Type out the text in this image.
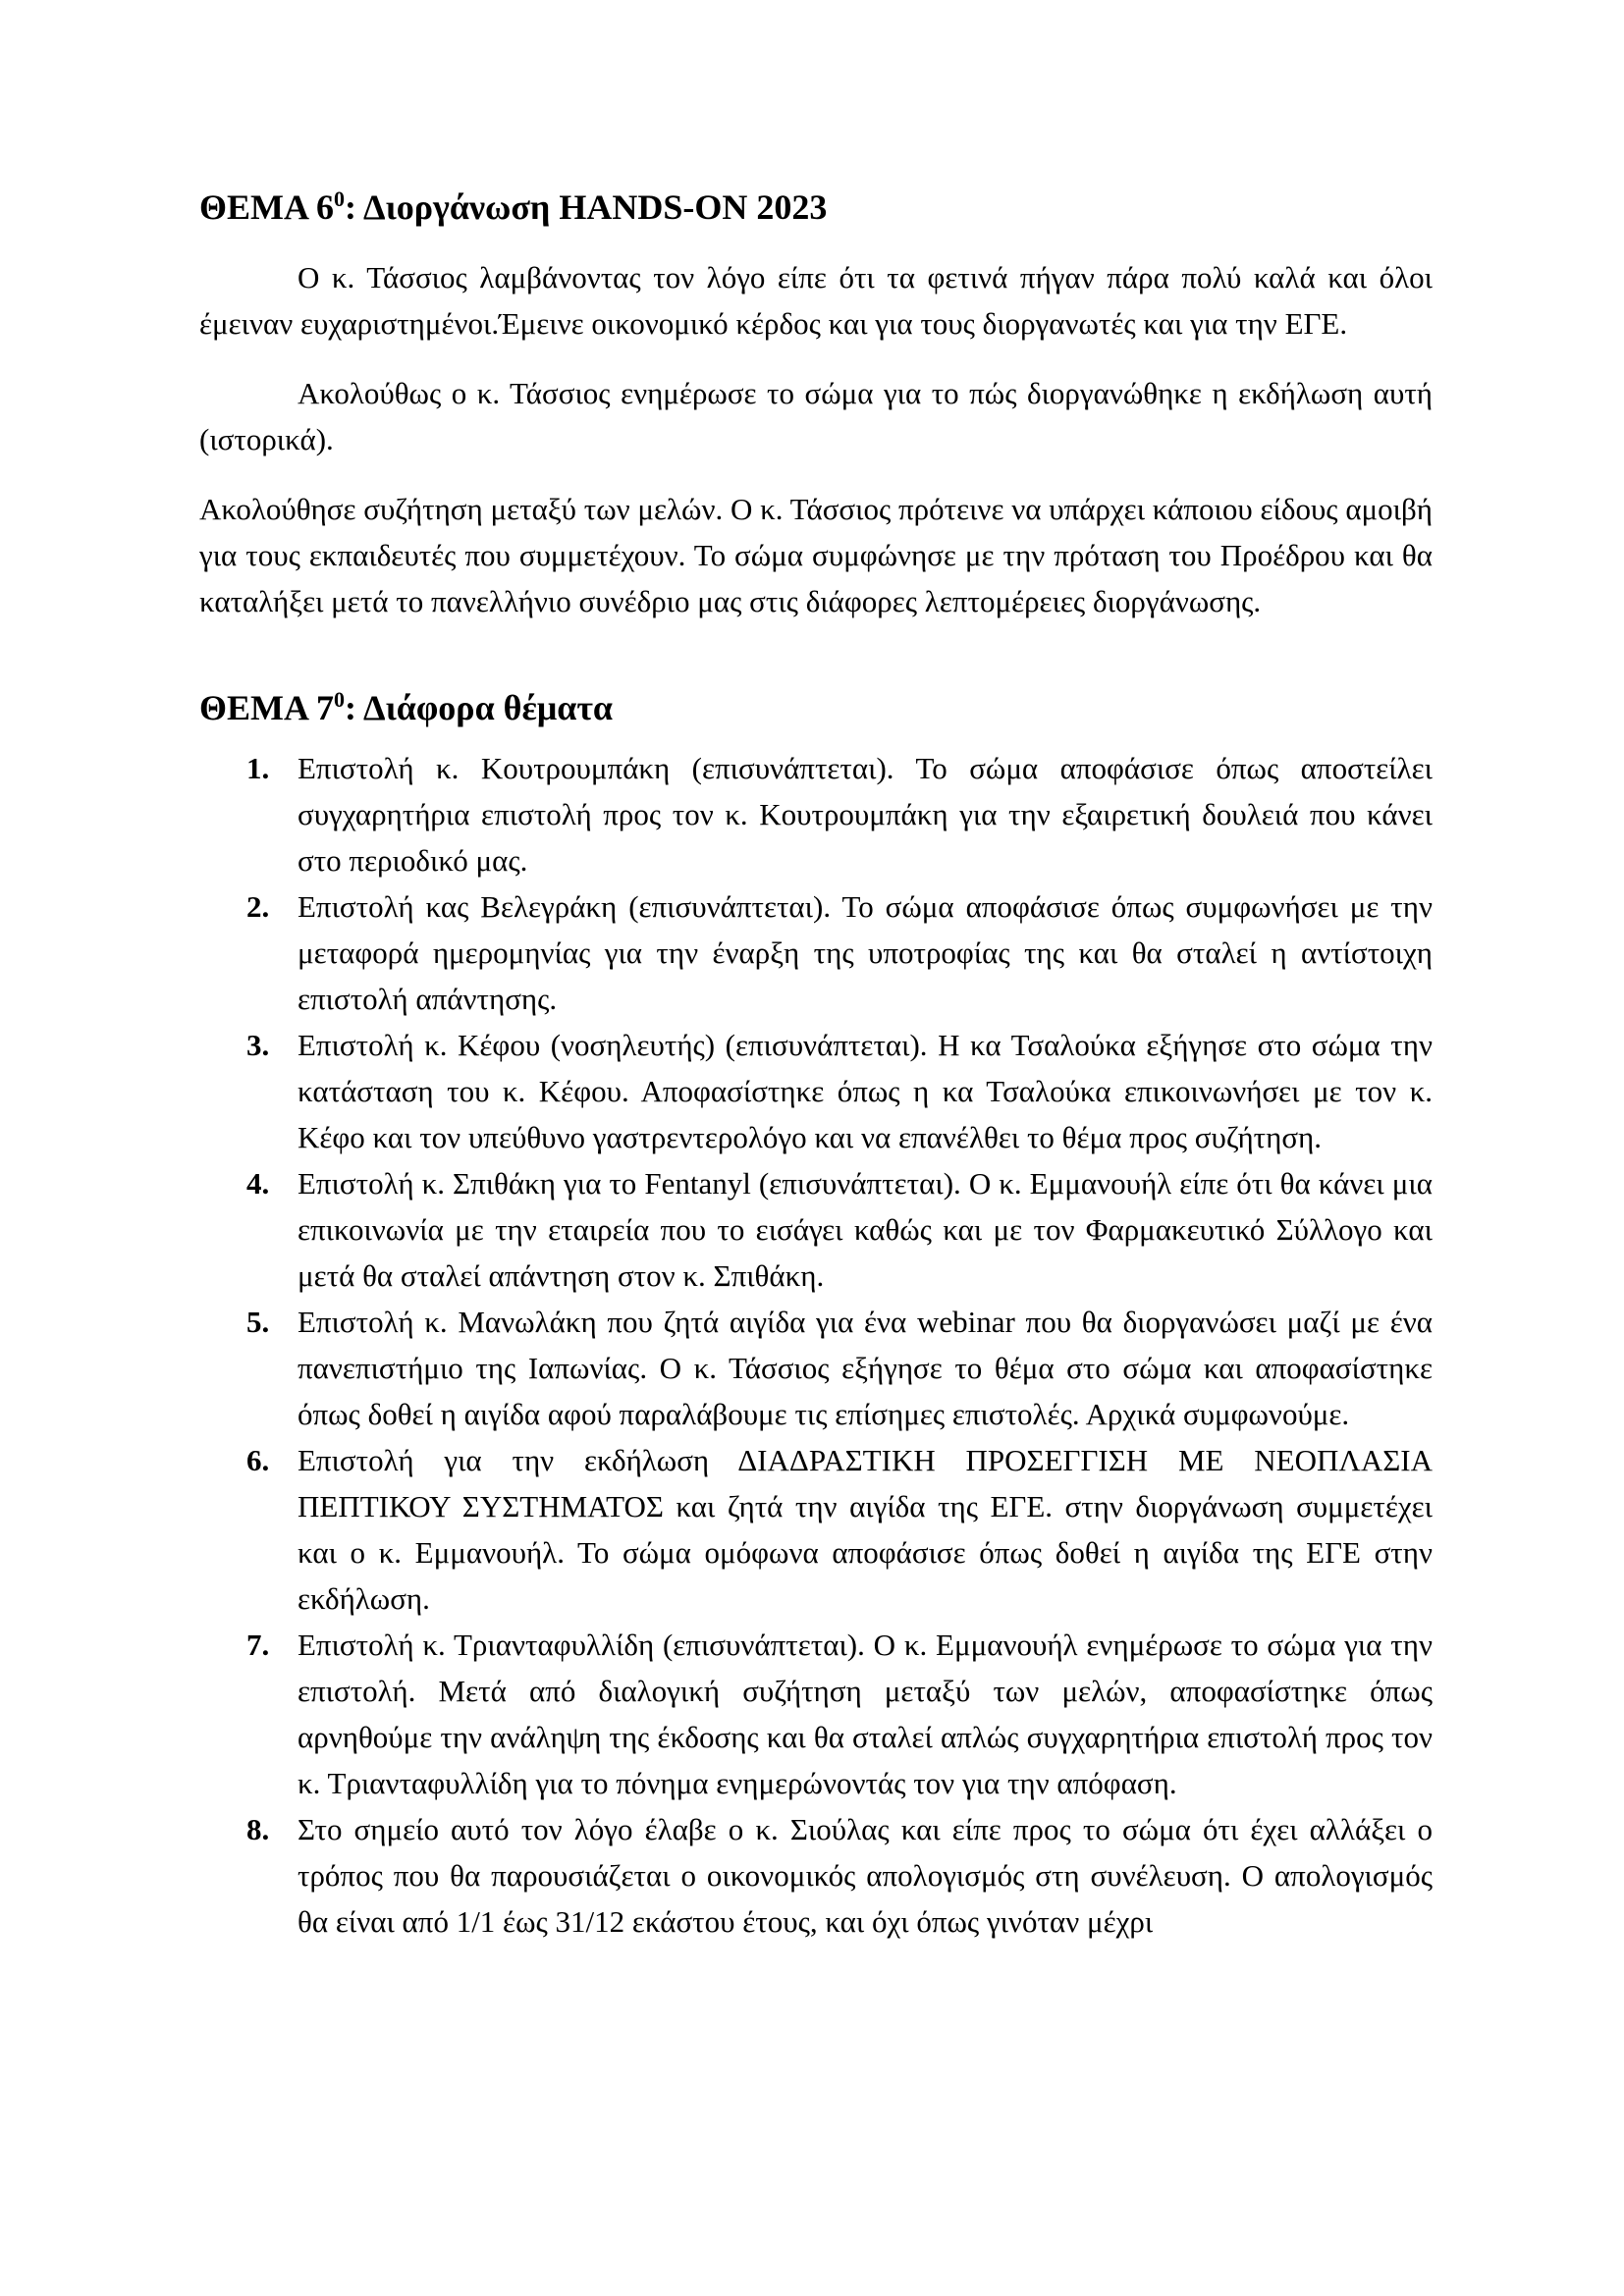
ΘΕΜΑ $6^0$: Διοργάνωση HANDS-ON 2023

Ο κ. Τάσσιος λαμβάνοντας τον λόγο είπε ότι τα φετινά πήγαν πάρα πολύ καλά και όλοι έμειναν ευχαριστημένοι.Έμεινε οικονομικό κέρδος και για τους διοργανωτές και για την ΕΓΕ.

Ακολούθως ο κ. Τάσσιος ενημέρωσε το σώμα για το πώς διοργανώθηκε η εκδήλωση αυτή (ιστορικά).

Ακολούθησε συζήτηση μεταξύ των μελών. Ο κ. Τάσσιος πρότεινε να υπάρχει κάποιου είδους αμοιβή για τους εκπαιδευτές που συμμετέχουν. Το σώμα συμφώνησε με την πρόταση του Προέδρου και θα καταλήξει μετά το πανελλήνιο συνέδριο μας στις διάφορες λεπτομέρειες διοργάνωσης.

ΘΕΜΑ $7^0$: Διάφορα θέματα
1. Επιστολή κ. Κουτρουμπάκη (επισυνάπτεται). Το σώμα αποφάσισε όπως αποστείλει συγχαρητήρια επιστολή προς τον κ. Κουτρουμπάκη για την εξαιρετική δουλειά που κάνει στο περιοδικό μας.
2. Επιστολή κας Βελεγράκη (επισυνάπτεται). Το σώμα αποφάσισε όπως συμφωνήσει με την μεταφορά ημερομηνίας για την έναρξη της υποτροφίας της και θα σταλεί η αντίστοιχη επιστολή απάντησης.
3. Επιστολή κ. Κέφου (νοσηλευτής) (επισυνάπτεται). Η κα Τσαλούκα εξήγησε στο σώμα την κατάσταση του κ. Κέφου. Αποφασίστηκε όπως η κα Τσαλούκα επικοινωνήσει με τον κ. Κέφο και τον υπεύθυνο γαστρεντερολόγο και να επανέλθει το θέμα προς συζήτηση.
4. Επιστολή κ. Σπιθάκη για το Fentanyl (επισυνάπτεται). Ο κ. Εμμανουήλ είπε ότι θα κάνει μια επικοινωνία με την εταιρεία που το εισάγει καθώς και με τον Φαρμακευτικό Σύλλογο και μετά θα σταλεί απάντηση στον κ. Σπιθάκη.
5. Επιστολή κ. Μανωλάκη που ζητά αιγίδα για ένα webinar που θα διοργανώσει μαζί με ένα πανεπιστήμιο της Ιαπωνίας. Ο κ. Τάσσιος εξήγησε το θέμα στο σώμα και αποφασίστηκε όπως δοθεί η αιγίδα αφού παραλάβουμε τις επίσημες επιστολές. Αρχικά συμφωνούμε.
6. Επιστολή για την εκδήλωση ΔΙΑΔΡΑΣΤΙΚΗ ΠΡΟΣΕΓΓΙΣΗ ΜΕ ΝΕΟΠΛΑΣΙΑ ΠΕΠΤΙΚΟΥ ΣΥΣΤΗΜΑΤΟΣ και ζητά την αιγίδα της ΕΓΕ. στην διοργάνωση συμμετέχει και ο κ. Εμμανουήλ. Το σώμα ομόφωνα αποφάσισε όπως δοθεί η αιγίδα της ΕΓΕ στην εκδήλωση.
7. Επιστολή κ. Τριανταφυλλίδη (επισυνάπτεται). Ο κ. Εμμανουήλ ενημέρωσε το σώμα για την επιστολή. Μετά από διαλογική συζήτηση μεταξύ των μελών, αποφασίστηκε όπως αρνηθούμε την ανάληψη της έκδοσης και θα σταλεί απλώς συγχαρητήρια επιστολή προς τον κ. Τριανταφυλλίδη για το πόνημα ενημερώνοντάς τον για την απόφαση.
8. Στο σημείο αυτό τον λόγο έλαβε ο κ. Σιούλας και είπε προς το σώμα ότι έχει αλλάξει ο τρόπος που θα παρουσιάζεται ο οικονομικός απολογισμός στη συνέλευση. Ο απολογισμός θα είναι από 1/1 έως 31/12 εκάστου έτους, και όχι όπως γινόταν μέχρι
